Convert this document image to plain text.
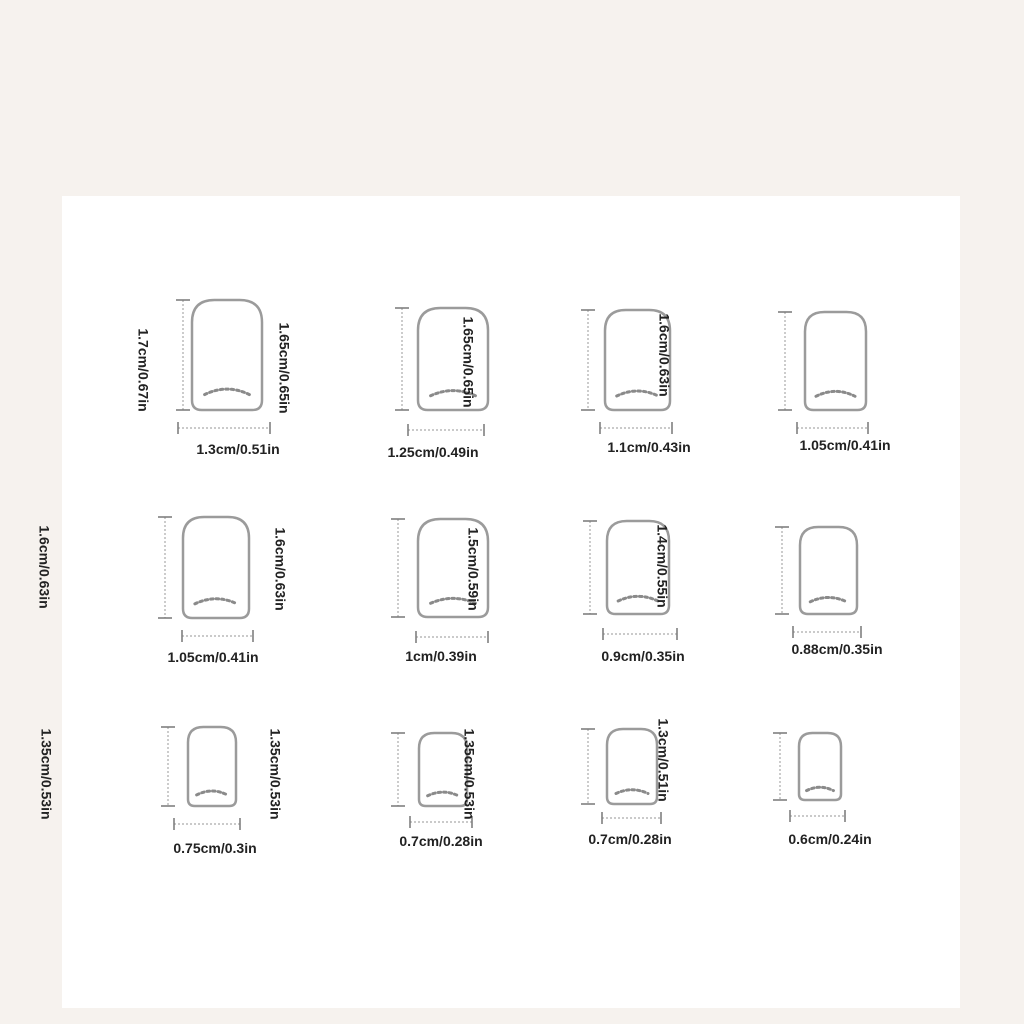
1.7cm/0.67in
1.3cm/0.51in
1.65cm/0.65in
1.25cm/0.49in
1.65cm/0.65in
1.1cm/0.43in
1.6cm/0.63in
1.05cm/0.41in
1.6cm/0.63in
1.05cm/0.41in
1.6cm/0.63in
1cm/0.39in
1.5cm/0.59in
0.9cm/0.35in
1.4cm/0.55in
0.88cm/0.35in
1.35cm/0.53in
0.75cm/0.3in
1.35cm/0.53in
0.7cm/0.28in
1.35cm/0.53in
0.7cm/0.28in
1.3cm/0.51in
0.6cm/0.24in
